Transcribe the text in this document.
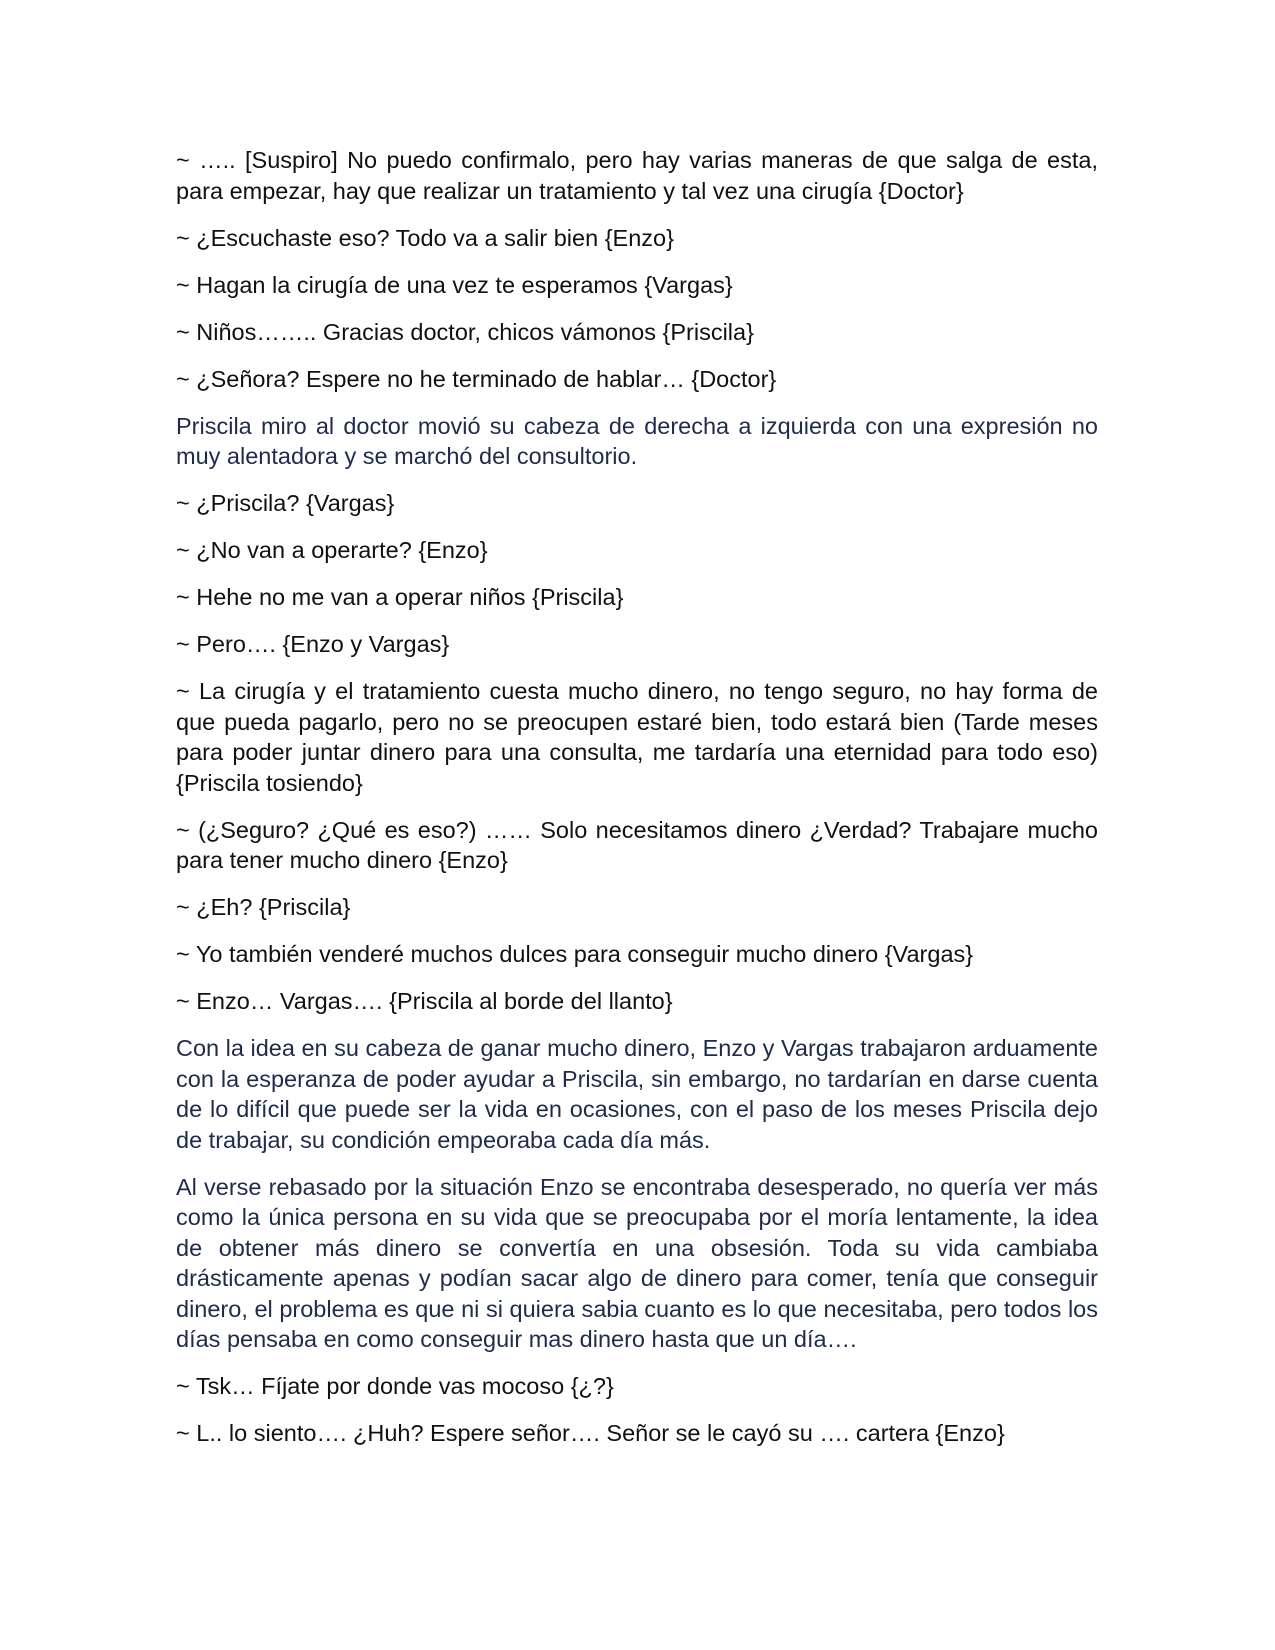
~ ….. [Suspiro] No puedo confirmalo, pero hay varias maneras de que salga de esta, para empezar, hay que realizar un tratamiento y tal vez una cirugía {Doctor}

~ ¿Escuchaste eso? Todo va a salir bien {Enzo}

~ Hagan la cirugía de una vez te esperamos {Vargas}

~ Niños…….. Gracias doctor, chicos vámonos {Priscila}

~ ¿Señora? Espere no he terminado de hablar… {Doctor}

Priscila miro al doctor movió su cabeza de derecha a izquierda con una expresión no muy alentadora y se marchó del consultorio.

~ ¿Priscila? {Vargas}

~ ¿No van a operarte? {Enzo}

~ Hehe no me van a operar niños {Priscila}

~ Pero…. {Enzo y Vargas}

~ La cirugía y el tratamiento cuesta mucho dinero, no tengo seguro, no hay forma de que pueda pagarlo, pero no se preocupen estaré bien, todo estará bien (Tarde meses para poder juntar dinero para una consulta, me tardaría una eternidad para todo eso) {Priscila tosiendo}

~ (¿Seguro? ¿Qué es eso?) …… Solo necesitamos dinero ¿Verdad? Trabajare mucho para tener mucho dinero {Enzo}

~ ¿Eh? {Priscila}

~ Yo también venderé muchos dulces para conseguir mucho dinero {Vargas}

~ Enzo… Vargas…. {Priscila al borde del llanto}

Con la idea en su cabeza de ganar mucho dinero, Enzo y Vargas trabajaron arduamente con la esperanza de poder ayudar a Priscila, sin embargo, no tardarían en darse cuenta de lo difícil que puede ser la vida en ocasiones, con el paso de los meses Priscila dejo de trabajar, su condición empeoraba cada día más.

Al verse rebasado por la situación Enzo se encontraba desesperado, no quería ver más como la única persona en su vida que se preocupaba por el moría lentamente, la idea de obtener más dinero se convertía en una obsesión. Toda su vida cambiaba drásticamente apenas y podían sacar algo de dinero para comer, tenía que conseguir dinero, el problema es que ni si quiera sabia cuanto es lo que necesitaba, pero todos los días pensaba en como conseguir mas dinero hasta que un día….

~ Tsk… Fíjate por donde vas mocoso {¿?}

~ L.. lo siento…. ¿Huh? Espere señor…. Señor se le cayó su …. cartera {Enzo}
